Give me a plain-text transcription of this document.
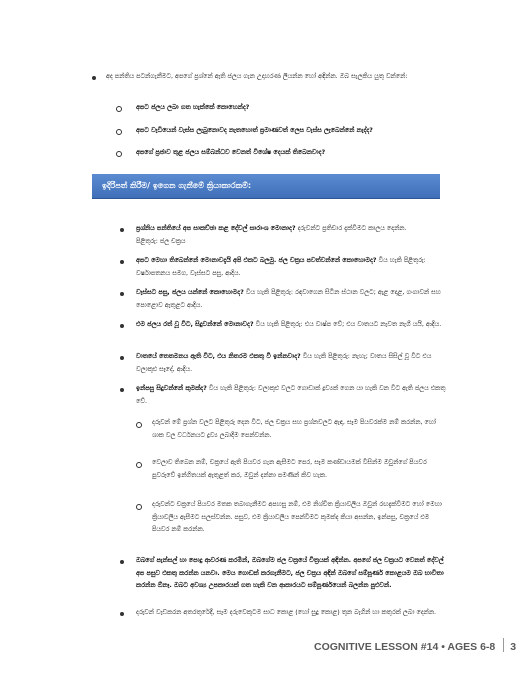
අද පන්තිය පටන්ගැනීමට, අපගේ ප්‍රශ්නේ ඇති ජලය ගැන උදාහරණ ලියන්න හෝ අඳින්න. ඔබ සැලකිය යුතු වන්නේ:
අපට ජලය ලබා ගත හැක්කේ කොහෙන්ද?
අපට වැඩියෙන් වැස්ස ලැබුනොවද නැතහොත් ප්‍රමාණවත් ලෙස වැස්ස ලැබෙන්නේ නැද්ද?
අපගේ ප්‍රජාව තුළ ජලය සම්බන්ධව වෙනත් විශේෂ දෙයක් තිබෙනවාද?
ඉදිරිපත් කිරීම/ ඉගෙන ගැනීමේ ක්‍රියාකාරකම්:
ප්‍රශ්නිය පන්තියේ අප සාකච්ඡා කළ දේවල් සාරාංශ මොනාද? දරුවන්ට ප්‍රතිචාර දැක්වීමට කාලය දෙන්න.
පිළිතුරු: ජල චක්‍රය
අපට මෙහා තිබෙන්නේ මොනාවදැයි අපි එකට බලමු. ජල චක්‍රය පවත්වන්නේ කොහොමද? විය හැකි පිළිතුරු: වර්ෂාපතනය සමග, වැස්සට පසු, ආදිය.
වැස්සට පසු, ජලය යන්නේ කොහොමද? විය හැකි පිළිතුරු: රඳවාගෙන සිටින ස්ථාන වලට; ඇළ දොළ, ගංගාවන් සහ පොළොව ඇතුළට ආදිය.
එම ජලය රත් වූ විට, සිදුවන්නේ මොනාවද? විය හැකි පිළිතුරු: එය වාෂ්ප වේ; එය වාතයට නැවත නැගී යයි, ආදිය.
වාතයේ තෙතමනය ඇති විට, එය නිතරම එකතු වී ඉන්නවාද? විය හැකි පිළිතුරු: නැහැ; වාතය සිසිල් වූ විට එය වලාකුළු සෑදේ, ආදිය.
ඉන්පසු සිදුවන්නේ කුමක්ද? විය හැකි පිළිතුරු: වලාකුළු වලට ගොඩාක් ද්‍රව්‍යක් ගෙන යා හැකි වන විට ඇති ජලය එකතු වේ.
දරුවන් මේ ප්‍රශ්න වලට පිළිතුරු දෙන විට, ජල චක්‍රය සහ ප්‍රශ්නවලට ඇඳ, සෑම පියවරක්ම නම් කරන්න, හෝ ශාක වල වර්ධනයට ද්‍රව්‍ය ලබාදීම පෙන්වන්න.
වෙලාව තිබෙන නම්, චක්‍රයේ ඇති පියවර ගැන ඇසීමට පෙර, සෑම කණ්ඩායමක් විසින්ම ඔවුන්ගේ පියවර පුවරුවේ ඉන්ගිතයක් ඇතුළත් කර, ඔවුන් දන්නා පමණින් කිව හැක.
දරුවන්ට චක්‍රයේ පියවර මතක තබාගැනීමට අපහසු නම්, එම නිශ්චිත ක්‍රියාවලිය ඔවුන් රඟදැක්වීමට හෝ මෙහා ක්‍රියාවලිය ඇසීමට සලස්වන්න. පසුව, එම ක්‍රියාවලිය පෙන්වීමට කුමක්ද කියා අසන්න, ඉන්පසු, චක්‍රයේ එම පියවර නම් කරන්න.
ඔබගේ පැන්සල් හා පොදු ආවරණ කරමින්, ඔබගේම ජල චක්‍රයේ චිත්‍රයක් අඳින්න. අපගේ ජල චක්‍රයට වෙනත් දේවල් අප පසුව එකතු කරන්න යනවා. මෙය ගොඩක් කරගැනීමට, ජල චක්‍රය අඳින් ඔබගේ සම්පූර්ණ කොළයම ඔබ භාවිතා කරන්න ඕනෑ. ඔබට අවශ්‍ය උපකාරයක් ගත හැකි වන ආකාරයට සම්පූර්ණයෙන් බලන්න පුළුවන්.
දරුවන් වැඩකරන අතරතුරේදී, සෑම දරුවෙකුටම සාධ කොළ (හෝ සුදු කොළ) තුන බැගින් හා කතුරක් ලබා දෙන්න.
COGNITIVE LESSON #14 • AGES 6-8 3
